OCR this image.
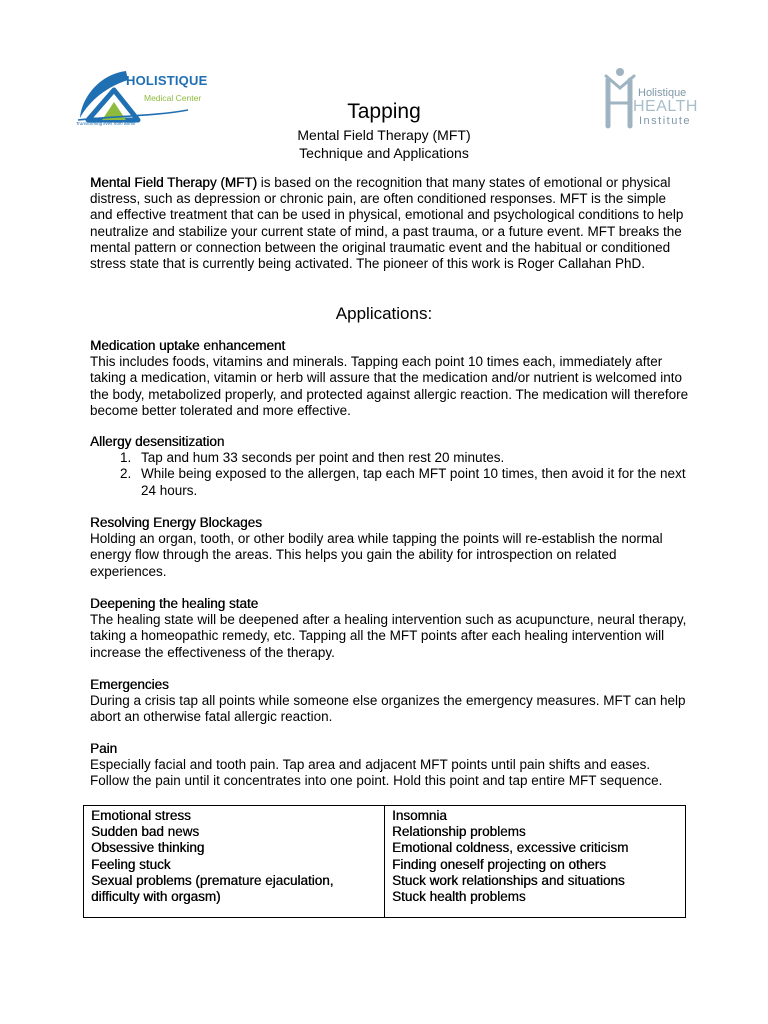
HOLISTIQUE
Medical Center
Transforming lives from within
Holistique
HEALTH
Institute
Tapping
Mental Field Therapy (MFT)
Technique and Applications
Mental Field Therapy (MFT) is based on the recognition that many states of emotional or physical distress, such as depression or chronic pain, are often conditioned responses. MFT is the simple and effective treatment that can be used in physical, emotional and psychological conditions to help neutralize and stabilize your current state of mind, a past trauma, or a future event. MFT breaks the mental pattern or connection between the original traumatic event and the habitual or conditioned stress state that is currently being activated. The pioneer of this work is Roger Callahan PhD.
Applications:
Medication uptake enhancement
This includes foods, vitamins and minerals. Tapping each point 10 times each, immediately after taking a medication, vitamin or herb will assure that the medication and/or nutrient is welcomed into the body, metabolized properly, and protected against allergic reaction. The medication will therefore become better tolerated and more effective.
Allergy desensitization
1. Tap and hum 33 seconds per point and then rest 20 minutes.
2. While being exposed to the allergen, tap each MFT point 10 times, then avoid it for the next 24 hours.
Resolving Energy Blockages
Holding an organ, tooth, or other bodily area while tapping the points will re-establish the normal energy flow through the areas. This helps you gain the ability for introspection on related experiences.
Deepening the healing state
The healing state will be deepened after a healing intervention such as acupuncture, neural therapy, taking a homeopathic remedy, etc. Tapping all the MFT points after each healing intervention will increase the effectiveness of the therapy.
Emergencies
During a crisis tap all points while someone else organizes the emergency measures. MFT can help abort an otherwise fatal allergic reaction.
Pain
Especially facial and tooth pain. Tap area and adjacent MFT points until pain shifts and eases. Follow the pain until it concentrates into one point. Hold this point and tap entire MFT sequence.
Emotional stress
Sudden bad news
Obsessive thinking
Feeling stuck
Sexual problems (premature ejaculation, difficulty with orgasm)
Insomnia
Relationship problems
Emotional coldness, excessive criticism
Finding oneself projecting on others
Stuck work relationships and situations
Stuck health problems
